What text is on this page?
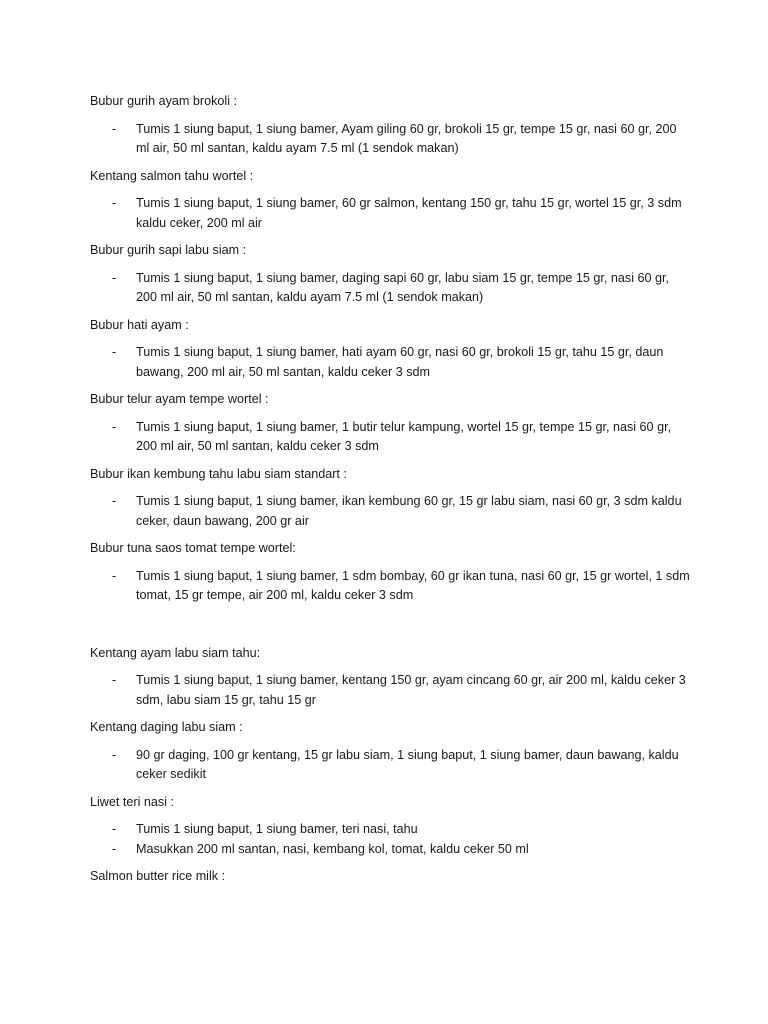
Bubur gurih ayam brokoli :

- Tumis 1 siung baput, 1 siung bamer, Ayam giling 60 gr, brokoli 15 gr, tempe 15 gr, nasi 60 gr, 200 ml air, 50 ml santan, kaldu ayam 7.5 ml (1 sendok makan)

Kentang salmon tahu wortel :

- Tumis 1 siung baput, 1 siung bamer, 60 gr salmon, kentang 150 gr, tahu 15 gr, wortel 15 gr, 3 sdm kaldu ceker, 200 ml air

Bubur gurih sapi labu siam :

- Tumis 1 siung baput, 1 siung bamer, daging sapi 60 gr, labu siam 15 gr, tempe 15 gr, nasi 60 gr, 200 ml air, 50 ml santan, kaldu ayam 7.5 ml (1 sendok makan)

Bubur hati ayam :

- Tumis 1 siung baput, 1 siung bamer, hati ayam 60 gr, nasi 60 gr, brokoli 15 gr, tahu 15 gr, daun bawang, 200 ml air, 50 ml santan, kaldu ceker 3 sdm

Bubur telur ayam tempe wortel :

- Tumis 1 siung baput, 1 siung bamer, 1 butir telur kampung, wortel 15 gr, tempe 15 gr, nasi 60 gr, 200 ml air, 50 ml santan, kaldu ceker 3 sdm

Bubur ikan kembung tahu labu siam standart :

- Tumis 1 siung baput, 1 siung bamer, ikan kembung 60 gr, 15 gr labu siam, nasi 60 gr, 3 sdm kaldu ceker, daun bawang, 200 gr air

Bubur tuna saos tomat tempe wortel:

- Tumis 1 siung baput, 1 siung bamer, 1 sdm bombay, 60 gr ikan tuna, nasi 60 gr, 15 gr wortel, 1 sdm tomat, 15 gr tempe, air 200 ml, kaldu ceker 3 sdm

Kentang ayam labu siam tahu:

- Tumis 1 siung baput, 1 siung bamer, kentang 150 gr, ayam cincang 60 gr, air 200 ml, kaldu ceker 3 sdm, labu siam 15 gr, tahu 15 gr

Kentang daging labu siam :

- 90 gr daging, 100 gr kentang, 15 gr labu siam, 1 siung baput, 1 siung bamer, daun bawang, kaldu ceker sedikit

Liwet teri nasi :

- Tumis 1 siung baput, 1 siung bamer, teri nasi, tahu
- Masukkan 200 ml santan, nasi, kembang kol, tomat, kaldu ceker 50 ml

Salmon butter rice milk :
